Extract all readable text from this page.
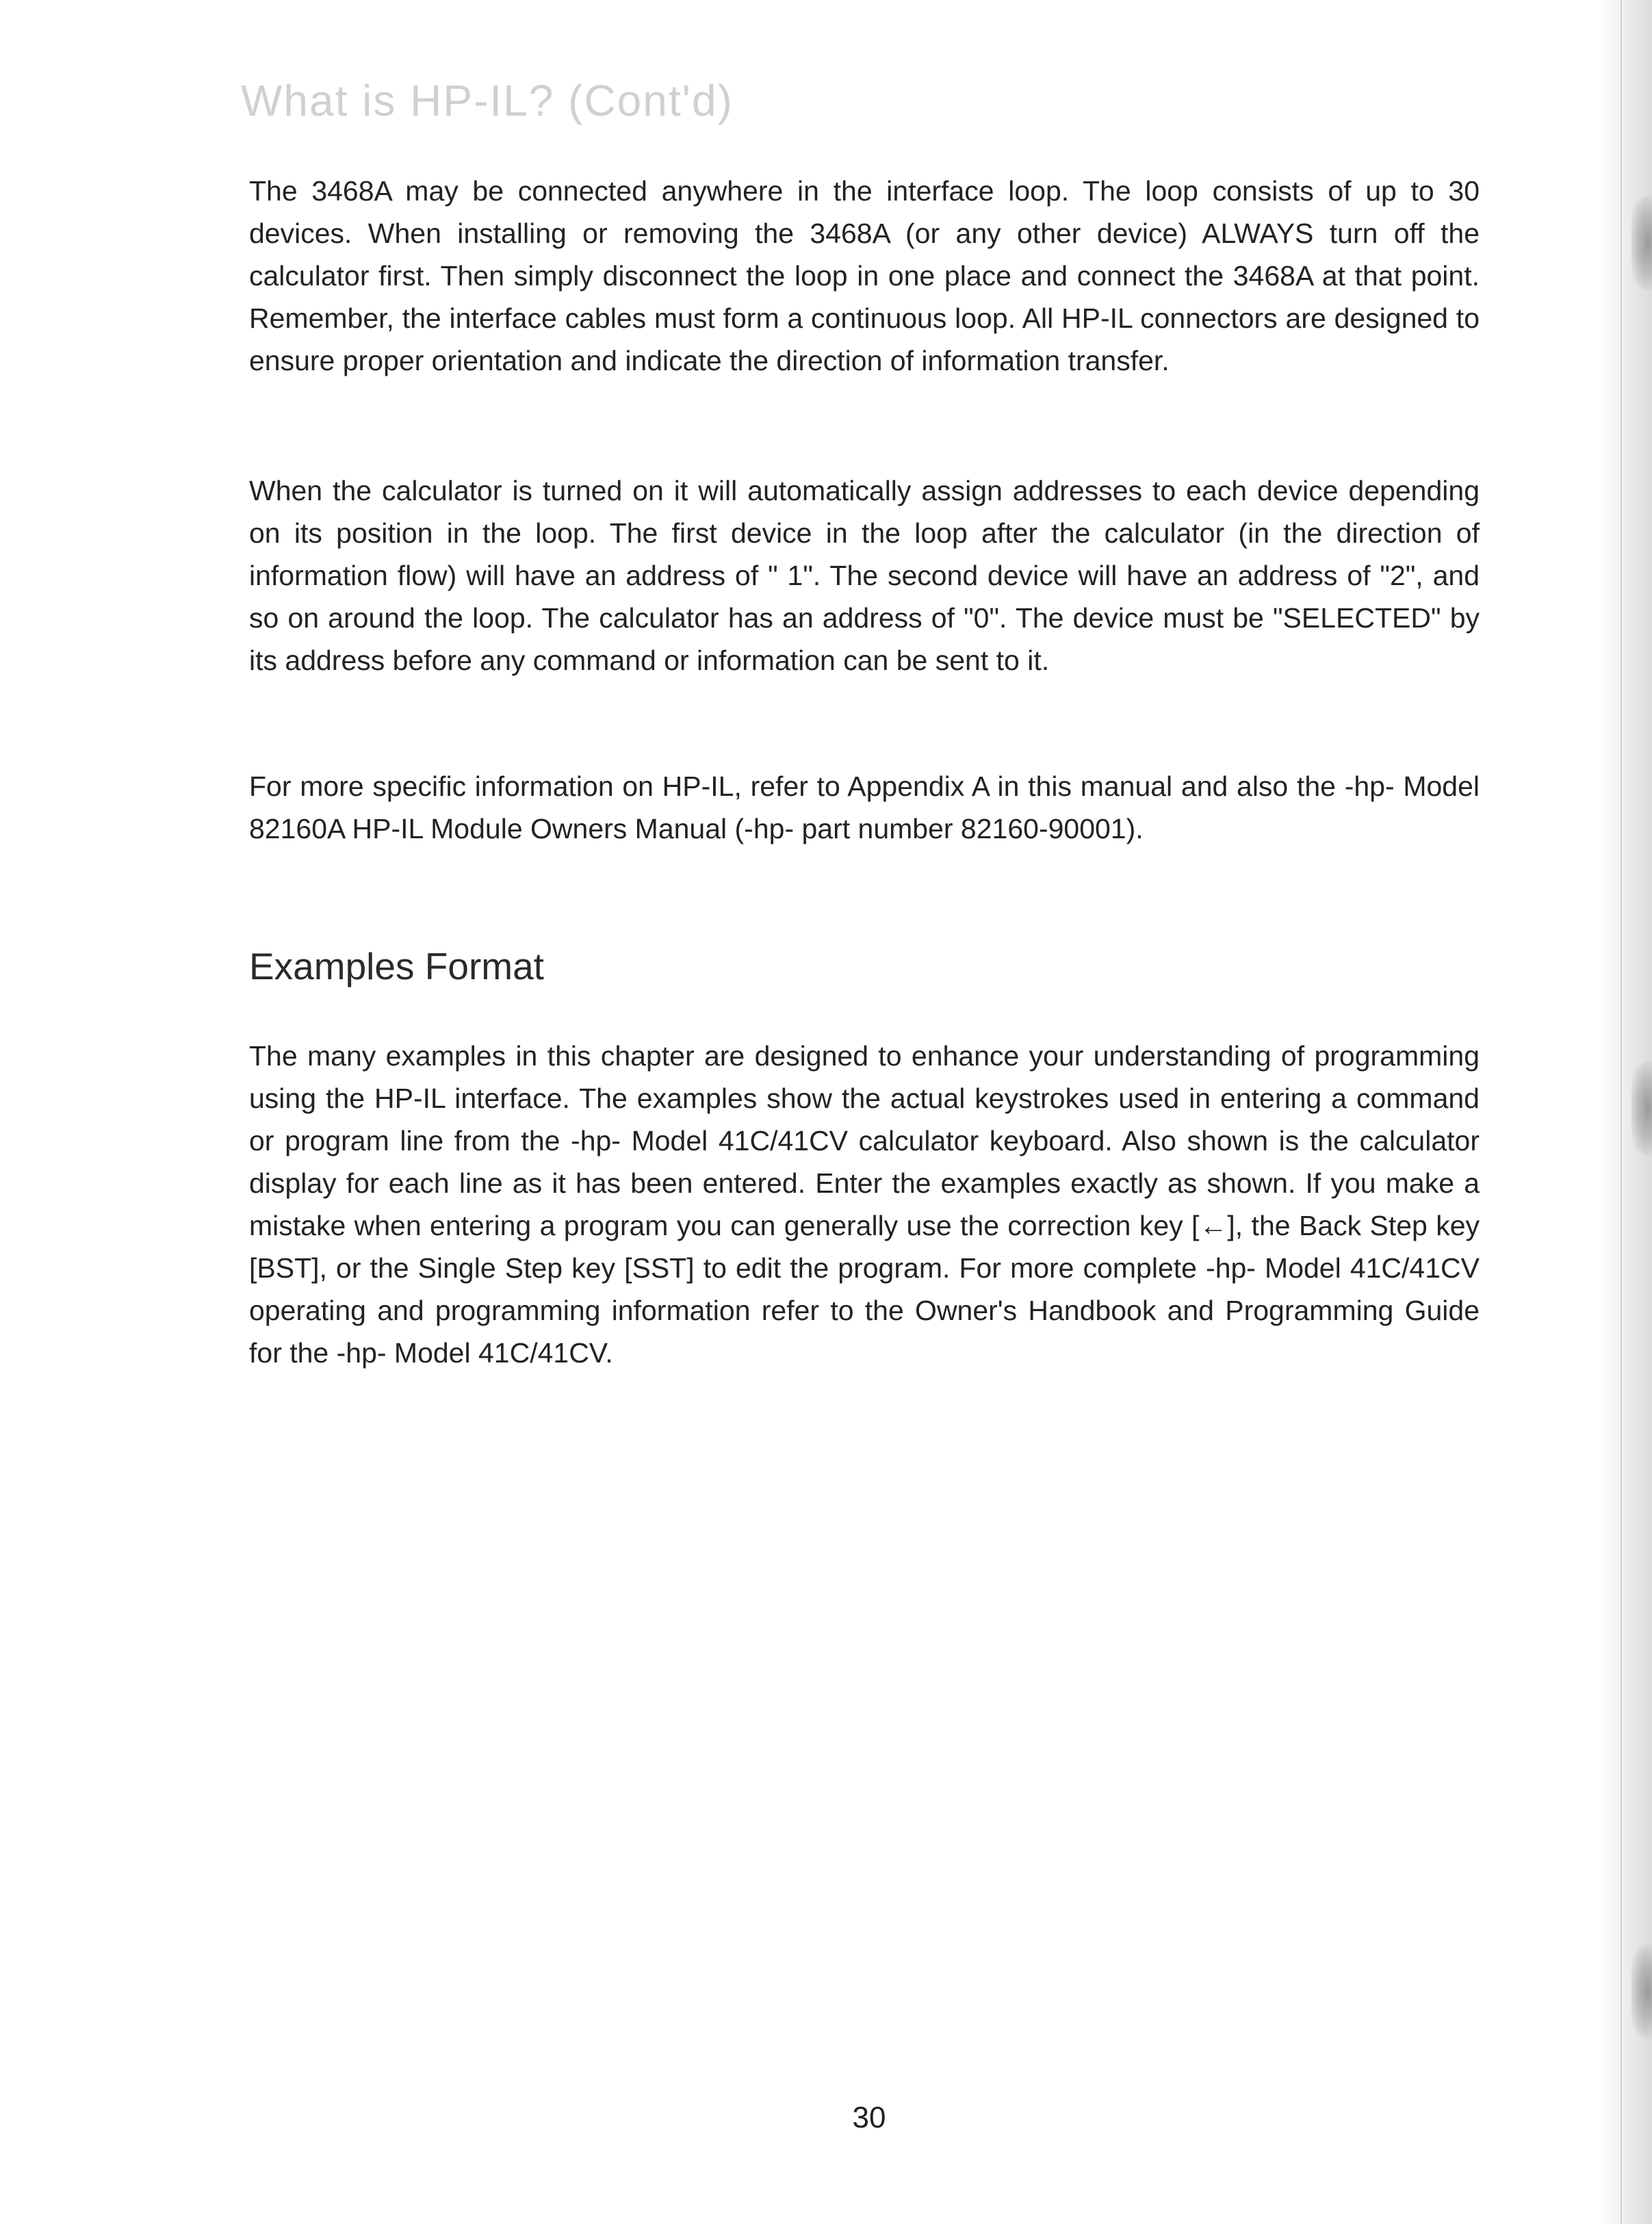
What is HP-IL? (Cont'd)

The 3468A may be connected anywhere in the interface loop. The loop consists of up to 30 devices. When installing or removing the 3468A (or any other device) ALWAYS turn off the calculator first. Then simply disconnect the loop in one place and connect the 3468A at that point. Remember, the interface cables must form a continuous loop. All HP-IL connectors are designed to ensure proper orientation and indicate the direction of information transfer.

When the calculator is turned on it will automatically assign addresses to each device depending on its position in the loop. The first device in the loop after the calculator (in the direction of information flow) will have an address of " 1". The second device will have an address of "2", and so on around the loop. The calculator has an address of "0". The device must be "SELECTED" by its address before any command or information can be sent to it.

For more specific information on HP-IL, refer to Appendix A in this manual and also the -hp- Model 82160A HP-IL Module Owners Manual (-hp- part number 82160-90001).

Examples Format

The many examples in this chapter are designed to enhance your understanding of programming using the HP-IL interface. The examples show the actual keystrokes used in entering a command or program line from the -hp- Model 41C/41CV calculator keyboard. Also shown is the calculator display for each line as it has been entered. Enter the examples exactly as shown. If you make a mistake when entering a program you can generally use the correction key [←], the Back Step key [BST], or the Single Step key [SST] to edit the program. For more complete -hp- Model 41C/41CV operating and programming information refer to the Owner's Handbook and Programming Guide for the -hp- Model 41C/41CV.

30
